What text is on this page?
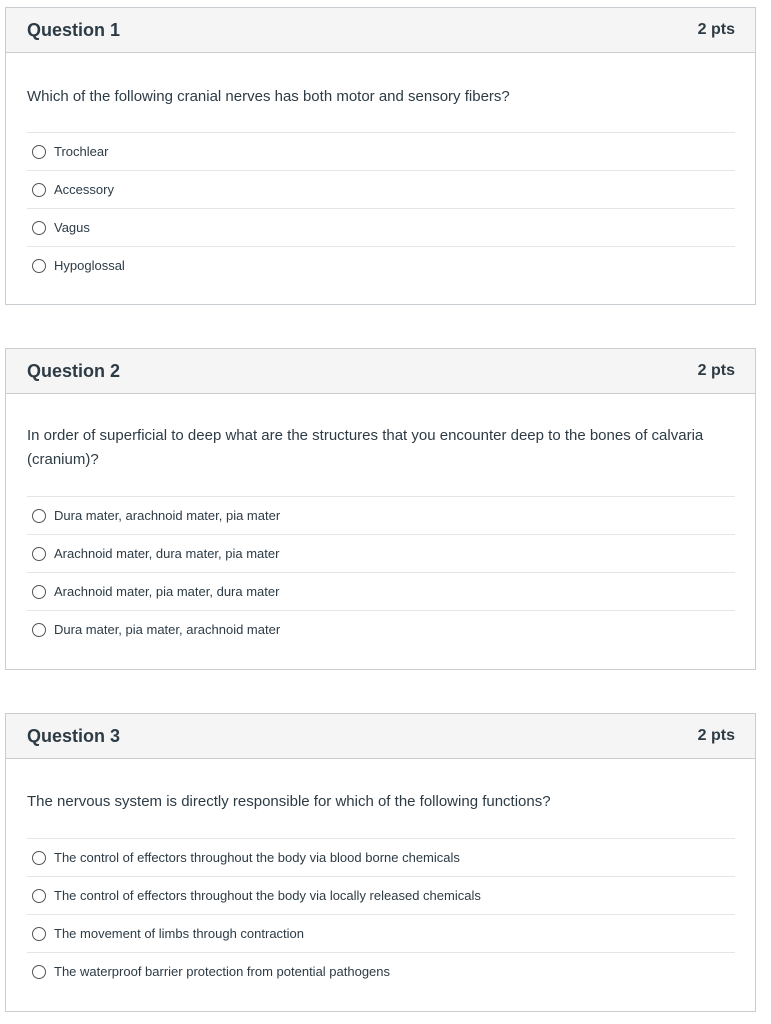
Question 1	2 pts

Which of the following cranial nerves has both motor and sensory fibers?

Trochlear
Accessory
Vagus
Hypoglossal
Question 2	2 pts

In order of superficial to deep what are the structures that you encounter deep to the bones of calvaria (cranium)?

Dura mater, arachnoid mater, pia mater
Arachnoid mater, dura mater, pia mater
Arachnoid mater, pia mater, dura mater
Dura mater, pia mater, arachnoid mater
Question 3	2 pts

The nervous system is directly responsible for which of the following functions?

The control of effectors throughout the body via blood borne chemicals
The control of effectors throughout the body via locally released chemicals
The movement of limbs through contraction
The waterproof barrier protection from potential pathogens
